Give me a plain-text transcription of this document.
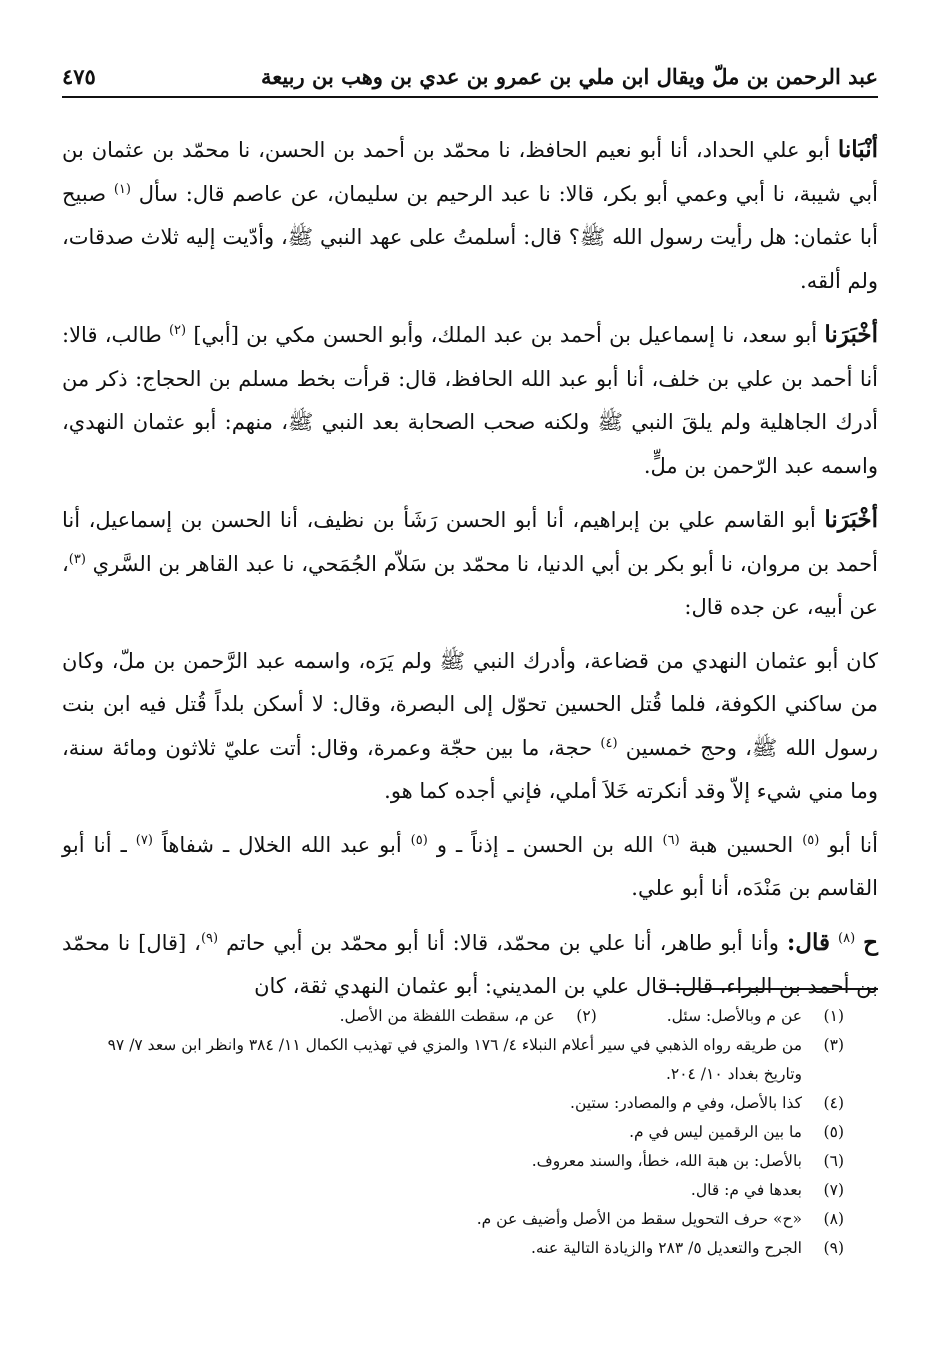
عبد الرحمن بن ملّ ويقال ابن ملي بن عمرو بن عدي بن وهب بن ربيعة
٤٧٥

أنْبَانا أبو علي الحداد، أنا أبو نعيم الحافظ، نا محمّد بن أحمد بن الحسن، نا محمّد بن عثمان بن أبي شيبة، نا أبي وعمي أبو بكر، قالا: نا عبد الرحيم بن سليمان، عن عاصم قال: سأل $^{(١)}$ صبيح أبا عثمان: هل رأيت رسول الله ﷺ؟ قال: أسلمتُ على عهد النبي ﷺ، وأدّيت إليه ثلاث صدقات، ولم ألقه.

أخْبَرَنا أبو سعد، نا إسماعيل بن أحمد بن عبد الملك، وأبو الحسن مكي بن [أبي] $^{(٢)}$ طالب، قالا: أنا أحمد بن علي بن خلف، أنا أبو عبد الله الحافظ، قال: قرأت بخط مسلم بن الحجاج: ذكر من أدرك الجاهلية ولم يلقَ النبي ﷺ ولكنه صحب الصحابة بعد النبي ﷺ، منهم: أبو عثمان النهدي، واسمه عبد الرّحمن بن ملٍّ.

أخْبَرَنا أبو القاسم علي بن إبراهيم، أنا أبو الحسن رَشَأ بن نظيف، أنا الحسن بن إسماعيل، أنا أحمد بن مروان، نا أبو بكر بن أبي الدنيا، نا محمّد بن سَلاّم الجُمَحي، نا عبد القاهر بن السَّري $^{(٣)}$، عن أبيه، عن جده قال:

كان أبو عثمان النهدي من قضاعة، وأدرك النبي ﷺ ولم يَرَه، واسمه عبد الرَّحمن بن ملّ، وكان من ساكني الكوفة، فلما قُتل الحسين تحوّل إلى البصرة، وقال: لا أسكن بلداً قُتل فيه ابن بنت رسول الله ﷺ، وحج خمسين $^{(٤)}$ حجة، ما بين حجّة وعمرة، وقال: أتت عليّ ثلاثون ومائة سنة، وما مني شيء إلاّ وقد أنكرته خَلاَ أملي، فإني أجده كما هو.

أنا أبو $^{(٥)}$ الحسين هبة $^{(٦)}$ الله بن الحسن ـ إذناً ـ و $^{(٥)}$ أبو عبد الله الخلال ـ شفاهاً $^{(٧)}$ ـ أنا أبو القاسم بن مَنْدَه، أنا أبو علي.

ح $^{(٨)}$ قال: وأنا أبو طاهر، أنا علي بن محمّد، قالا: أنا أبو محمّد بن أبي حاتم $^{(٩)}$، [قال] نا محمّد بن أحمد بن البراء، قال: قال علي بن المديني: أبو عثمان النهدي ثقة، كان

(١)
عن م وبالأصل: سئل.
(٢)
عن م، سقطت اللفظة من الأصل.
(٣)
من طريقه رواه الذهبي في سير أعلام النبلاء ٤/ ١٧٦ والمزي في تهذيب الكمال ١١/ ٣٨٤ وانظر ابن سعد ٧/ ٩٧ وتاريخ بغداد ١٠/ ٢٠٤.
(٤)
كذا بالأصل، وفي م والمصادر: ستين.
(٥)
ما بين الرقمين ليس في م.
(٦)
بالأصل: بن هبة الله، خطأ، والسند معروف.
(٧)
بعدها في م: قال.
(٨)
«ح» حرف التحويل سقط من الأصل وأضيف عن م.
(٩)
الجرح والتعديل ٥/ ٢٨٣ والزيادة التالية عنه.
